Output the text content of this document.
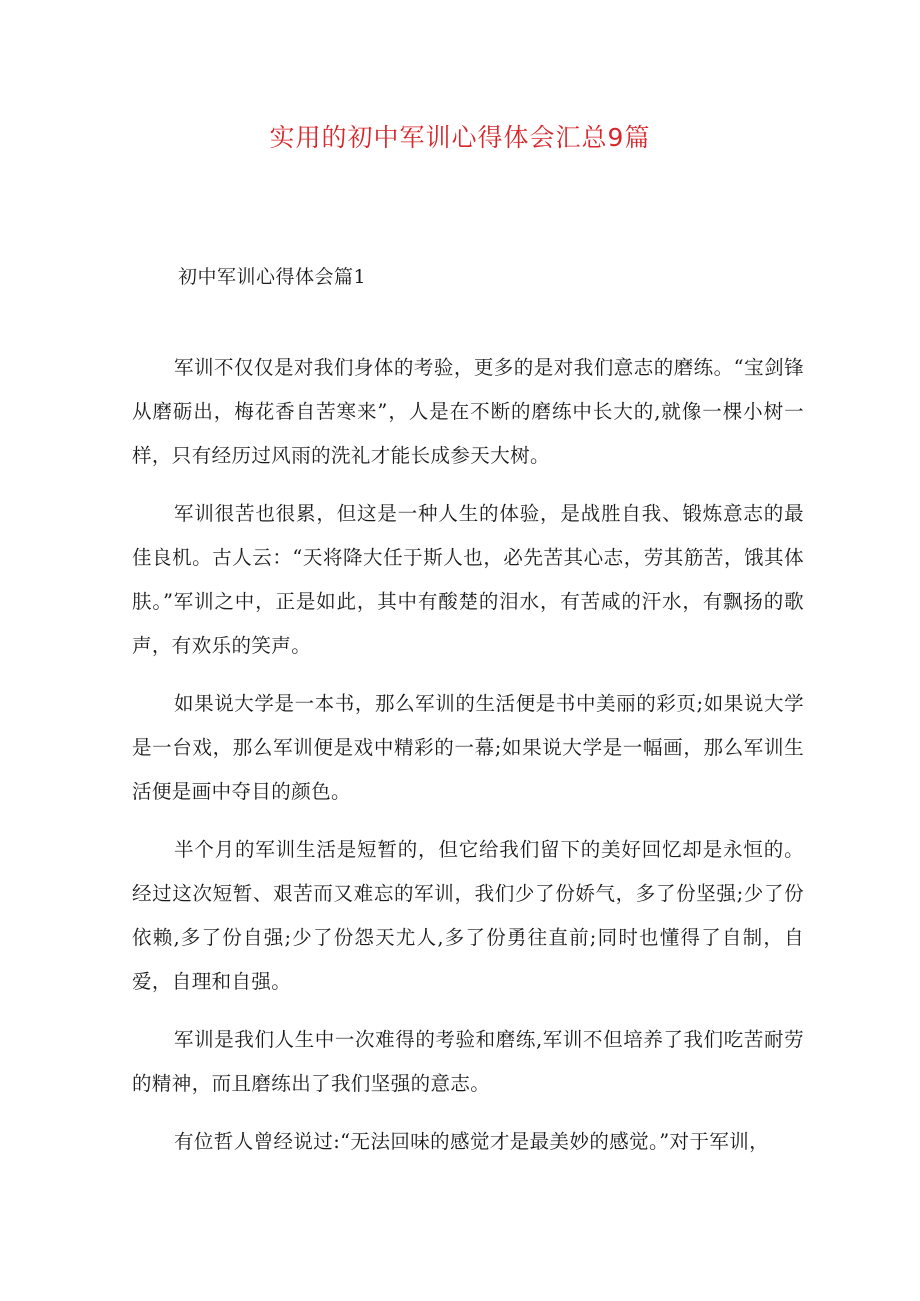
实用的初中军训心得体会汇总9篇
初中军训心得体会篇1

军训不仅仅是对我们身体的考验，更多的是对我们意志的磨练。“宝剑锋从磨砺出，梅花香自苦寒来”，人是在不断的磨练中长大的,就像一棵小树一样，只有经历过风雨的洗礼才能长成参天大树。

军训很苦也很累，但这是一种人生的体验，是战胜自我、锻炼意志的最佳良机。古人云：“天将降大任于斯人也，必先苦其心志，劳其筋苦，饿其体肤。”军训之中，正是如此，其中有酸楚的泪水，有苦咸的汗水，有飘扬的歌声，有欢乐的笑声。

如果说大学是一本书，那么军训的生活便是书中美丽的彩页;如果说大学是一台戏，那么军训便是戏中精彩的一幕;如果说大学是一幅画，那么军训生活便是画中夺目的颜色。

半个月的军训生活是短暂的，但它给我们留下的美好回忆却是永恒的。经过这次短暂、艰苦而又难忘的军训，我们少了份娇气，多了份坚强;少了份依赖,多了份自强;少了份怨天尤人,多了份勇往直前;同时也懂得了自制，自爱，自理和自强。

军训是我们人生中一次难得的考验和磨练,军训不但培养了我们吃苦耐劳的精神，而且磨练出了我们坚强的意志。

有位哲人曾经说过:“无法回味的感觉才是最美妙的感觉。”对于军训，
